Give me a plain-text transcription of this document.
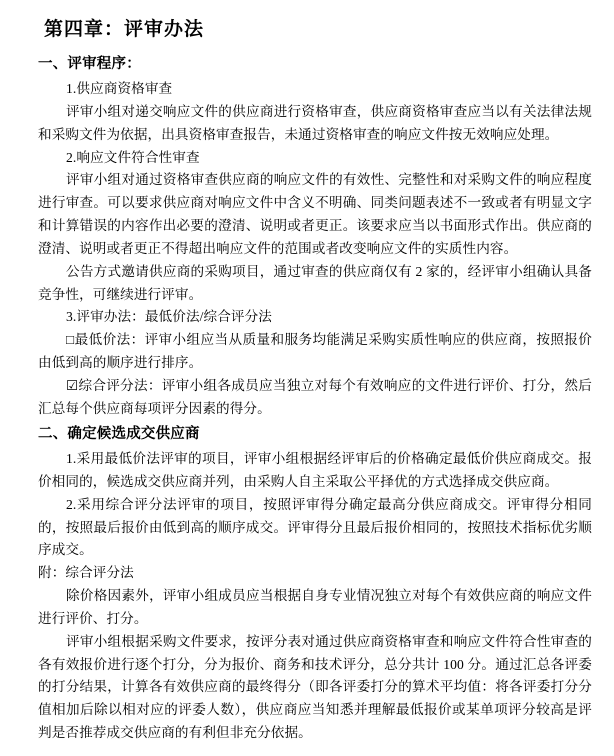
第四章：评审办法
一、评审程序：

1.供应商资格审查

评审小组对递交响应文件的供应商进行资格审查，供应商资格审查应当以有关法律法规和采购文件为依据，出具资格审查报告，未通过资格审查的响应文件按无效响应处理。

2.响应文件符合性审查

评审小组对通过资格审查供应商的响应文件的有效性、完整性和对采购文件的响应程度进行审查。可以要求供应商对响应文件中含义不明确、同类问题表述不一致或者有明显文字和计算错误的内容作出必要的澄清、说明或者更正。该要求应当以书面形式作出。供应商的澄清、说明或者更正不得超出响应文件的范围或者改变响应文件的实质性内容。

公告方式邀请供应商的采购项目，通过审查的供应商仅有 2 家的，经评审小组确认具备竞争性，可继续进行评审。

3.评审办法：最低价法/综合评分法

□最低价法：评审小组应当从质量和服务均能满足采购实质性响应的供应商，按照报价由低到高的顺序进行排序。

☑综合评分法：评审小组各成员应当独立对每个有效响应的文件进行评价、打分，然后汇总每个供应商每项评分因素的得分。

二、确定候选成交供应商

1.采用最低价法评审的项目，评审小组根据经评审后的价格确定最低价供应商成交。报价相同的，候选成交供应商并列，由采购人自主采取公平择优的方式选择成交供应商。

2.采用综合评分法评审的项目，按照评审得分确定最高分供应商成交。评审得分相同的，按照最后报价由低到高的顺序成交。评审得分且最后报价相同的，按照技术指标优劣顺序成交。

附：综合评分法

除价格因素外，评审小组成员应当根据自身专业情况独立对每个有效供应商的响应文件进行评价、打分。

评审小组根据采购文件要求，按评分表对通过供应商资格审查和响应文件符合性审查的各有效报价进行逐个打分，分为报价、商务和技术评分，总分共计 100 分。通过汇总各评委的打分结果，计算各有效供应商的最终得分（即各评委打分的算术平均值：将各评委打分分值相加后除以相对应的评委人数），供应商应当知悉并理解最低报价或某单项评分较高是评判是否推荐成交供应商的有利但非充分依据。
